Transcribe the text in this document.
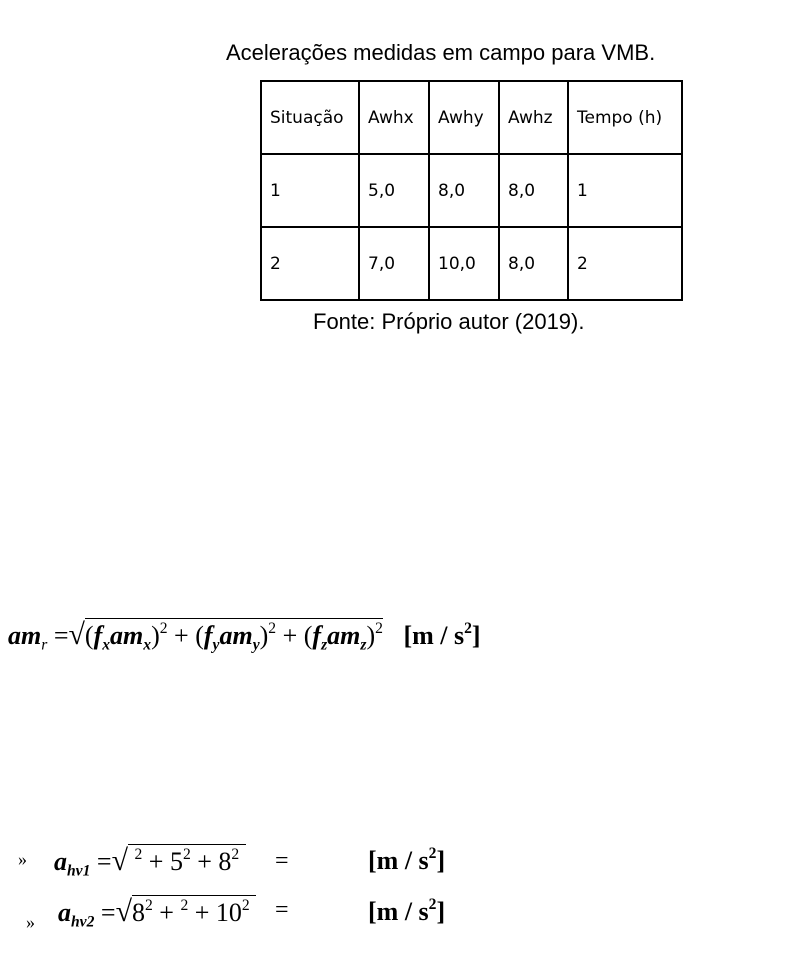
Acelerações medidas em campo para VMB.
Situação	Awhx	Awhy	Awhz	Tempo (h)
1	5,0	8,0	8,0	1
2	7,0	10,0	8,0	2
Fonte: Próprio autor (2019).
$am_r =√(f_xam_x)^2 + (f_yam_y)^2 + (f_zam_z)^2$ $[m / s^2]$
» $a_{hv1}$ =√ $^2 + 5^2 + 8^2$ =	$[m / s^2]$
» $a_{hv2} =√8^2 + ^2 + 10^2$ =	$[m / s^2]$
